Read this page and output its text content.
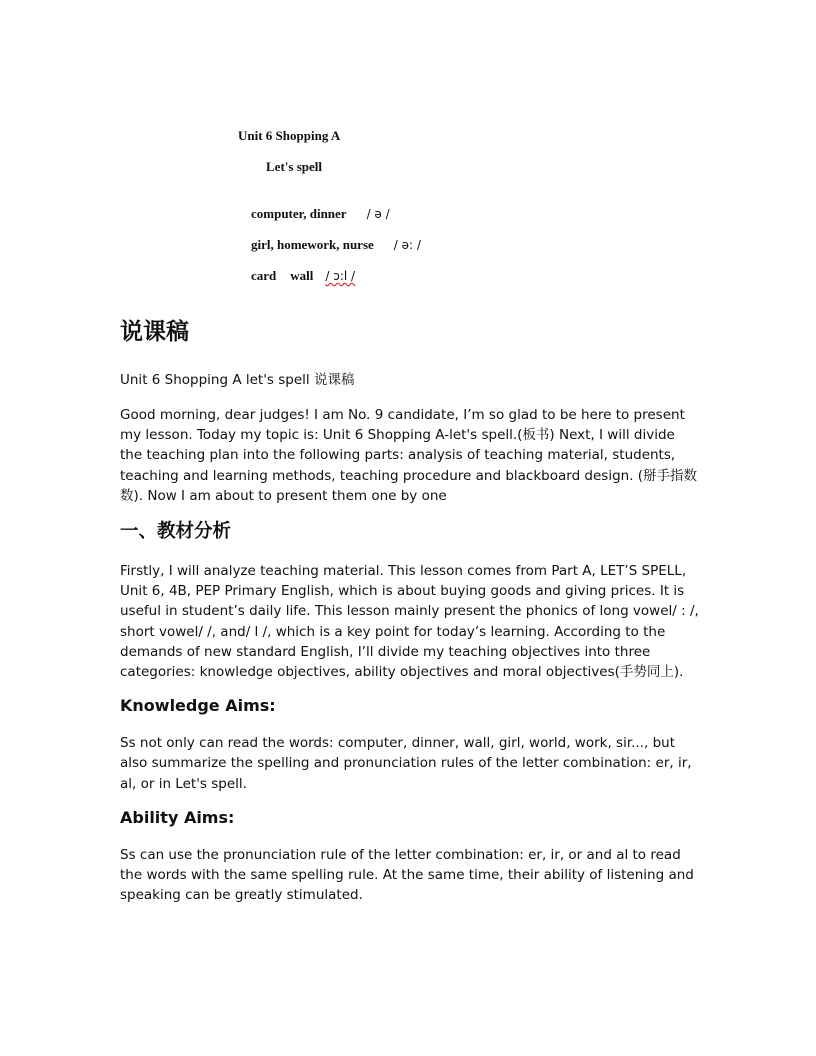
Unit 6 Shopping A
Let's spell

computer, dinner / ə /

girl, homework, nurse / ə: /

card wall / ɔ:l /

说课稿
Unit 6 Shopping A let's spell 说课稿

Good morning, dear judges! I am No. 9 candidate, I’m so glad to be here to present my lesson. Today my topic is: Unit 6 Shopping A-let's spell.(板书) Next, I will divide the teaching plan into the following parts: analysis of teaching material, students, teaching and learning methods, teaching procedure and blackboard design. (掰手指数数). Now I am about to present them one by one

一、教材分析

Firstly, I will analyze teaching material. This lesson comes from Part A, LET’S SPELL, Unit 6, 4B, PEP Primary English, which is about buying goods and giving prices. It is useful in student’s daily life. This lesson mainly present the phonics of long vowel/ : /, short vowel/ /, and/ l /, which is a key point for today’s learning. According to the demands of new standard English, I’ll divide my teaching objectives into three categories: knowledge objectives, ability objectives and moral objectives(手势同上).

Knowledge Aims:

Ss not only can read the words: computer, dinner, wall, girl, world, work, sir..., but also summarize the spelling and pronunciation rules of the letter combination: er, ir, al, or in Let's spell.

Ability Aims:

Ss can use the pronunciation rule of the letter combination: er, ir, or and al to read the words with the same spelling rule. At the same time, their ability of listening and speaking can be greatly stimulated.
